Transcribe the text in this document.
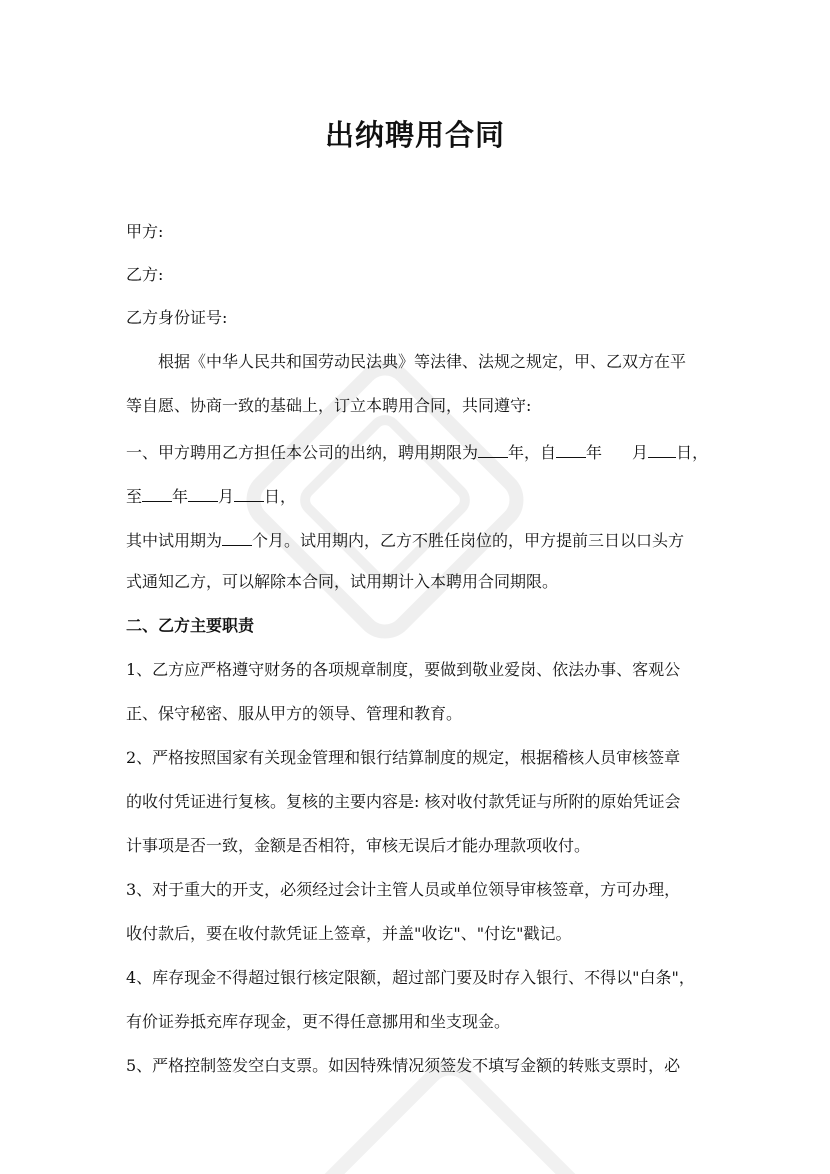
出纳聘用合同

甲方:

乙方:

乙方身份证号:

根据《中华人民共和国劳动民法典》等法律、法规之规定，甲、乙双方在平

等自愿、协商一致的基础上，订立本聘用合同，共同遵守:

一、甲方聘用乙方担任本公司的出纳，聘用期限为 年，自 年 月 日，

至 年 月 日，

其中试用期为 个月。试用期内，乙方不胜任岗位的，甲方提前三日以口头方

式通知乙方，可以解除本合同，试用期计入本聘用合同期限。

二、乙方主要职责

1、乙方应严格遵守财务的各项规章制度，要做到敬业爱岗、依法办事、客观公

正、保守秘密、服从甲方的领导、管理和教育。

2、严格按照国家有关现金管理和银行结算制度的规定，根据稽核人员审核签章

的收付凭证进行复核。复核的主要内容是: 核对收付款凭证与所附的原始凭证会

计事项是否一致，金额是否相符，审核无误后才能办理款项收付。

3、对于重大的开支，必须经过会计主管人员或单位领导审核签章，方可办理，

收付款后，要在收付款凭证上签章，并盖"收讫"、"付讫"戳记。

4、库存现金不得超过银行核定限额，超过部门要及时存入银行、不得以"白条"，

有价证券抵充库存现金，更不得任意挪用和坐支现金。

5、严格控制签发空白支票。如因特殊情况须签发不填写金额的转账支票时，必
